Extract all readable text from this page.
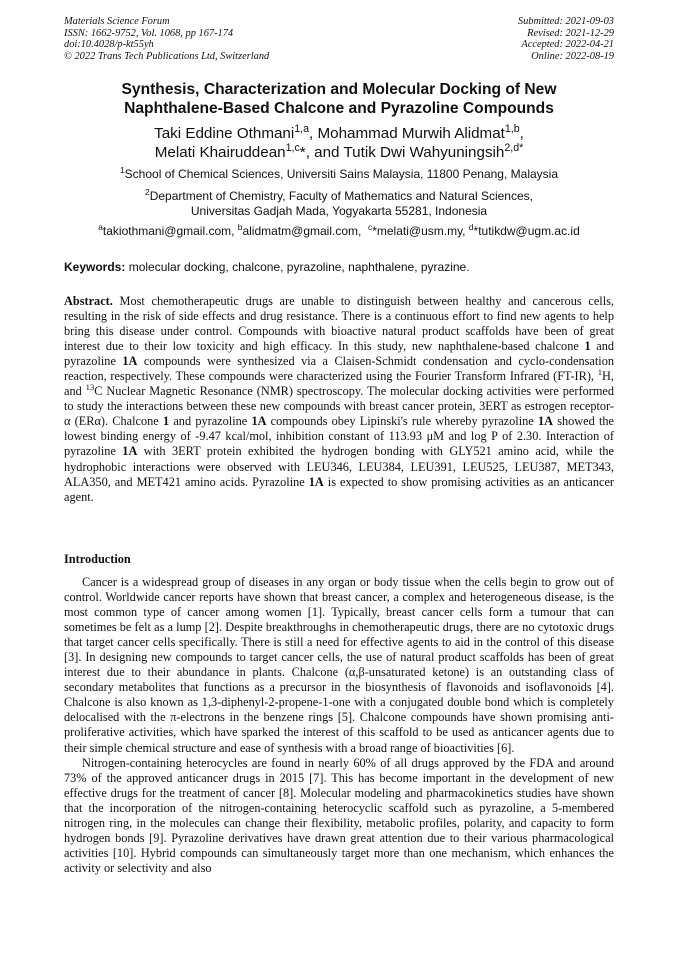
Materials Science Forum
ISSN: 1662-9752, Vol. 1068, pp 167-174
doi:10.4028/p-kt55yh
© 2022 Trans Tech Publications Ltd, Switzerland
Submitted: 2021-09-03
Revised: 2021-12-29
Accepted: 2022-04-21
Online: 2022-08-19
Synthesis, Characterization and Molecular Docking of New
Naphthalene-Based Chalcone and Pyrazoline Compounds
Taki Eddine Othmani$^{1,a}$, Mohammad Murwih Alidmat$^{1,b}$,
Melati Khairuddean$^{1,c}$*, and Tutik Dwi Wahyuningsih$^{2,d*}$
$^1$School of Chemical Sciences, Universiti Sains Malaysia, 11800 Penang, Malaysia
$^2$Department of Chemistry, Faculty of Mathematics and Natural Sciences,
Universitas Gadjah Mada, Yogyakarta 55281, Indonesia
$^a$takiothmani@gmail.com, $^b$alidmatm@gmail.com, $^c$*melati@usm.my, $^d$*tutikdw@ugm.ac.id
Keywords: molecular docking, chalcone, pyrazoline, naphthalene, pyrazine.
Abstract. Most chemotherapeutic drugs are unable to distinguish between healthy and cancerous cells, resulting in the risk of side effects and drug resistance. There is a continuous effort to find new agents to help bring this disease under control. Compounds with bioactive natural product scaffolds have been of great interest due to their low toxicity and high efficacy. In this study, new naphthalene-based chalcone 1 and pyrazoline 1A compounds were synthesized via a Claisen-Schmidt condensation and cyclo-condensation reaction, respectively. These compounds were characterized using the Fourier Transform Infrared (FT-IR), $^1$H, and $^{13}$C Nuclear Magnetic Resonance (NMR) spectroscopy. The molecular docking activities were performed to study the interactions between these new compounds with breast cancer protein, 3ERT as estrogen receptor-α (ERα). Chalcone 1 and pyrazoline 1A compounds obey Lipinski's rule whereby pyrazoline 1A showed the lowest binding energy of -9.47 kcal/mol, inhibition constant of 113.93 μM and log P of 2.30. Interaction of pyrazoline 1A with 3ERT protein exhibited the hydrogen bonding with GLY521 amino acid, while the hydrophobic interactions were observed with LEU346, LEU384, LEU391, LEU525, LEU387, MET343, ALA350, and MET421 amino acids. Pyrazoline 1A is expected to show promising activities as an anticancer agent.
Introduction

Cancer is a widespread group of diseases in any organ or body tissue when the cells begin to grow out of control. Worldwide cancer reports have shown that breast cancer, a complex and heterogeneous disease, is the most common type of cancer among women [1]. Typically, breast cancer cells form a tumour that can sometimes be felt as a lump [2]. Despite breakthroughs in chemotherapeutic drugs, there are no cytotoxic drugs that target cancer cells specifically. There is still a need for effective agents to aid in the control of this disease [3]. In designing new compounds to target cancer cells, the use of natural product scaffolds has been of great interest due to their abundance in plants. Chalcone (α,β-unsaturated ketone) is an outstanding class of secondary metabolites that functions as a precursor in the biosynthesis of flavonoids and isoflavonoids [4]. Chalcone is also known as 1,3-diphenyl-2-propene-1-one with a conjugated double bond which is completely delocalised with the π-electrons in the benzene rings [5]. Chalcone compounds have shown promising anti-proliferative activities, which have sparked the interest of this scaffold to be used as anticancer agents due to their simple chemical structure and ease of synthesis with a broad range of bioactivities [6].

Nitrogen-containing heterocycles are found in nearly 60% of all drugs approved by the FDA and around 73% of the approved anticancer drugs in 2015 [7]. This has become important in the development of new effective drugs for the treatment of cancer [8]. Molecular modeling and pharmacokinetics studies have shown that the incorporation of the nitrogen-containing heterocyclic scaffold such as pyrazoline, a 5-membered nitrogen ring, in the molecules can change their flexibility, metabolic profiles, polarity, and capacity to form hydrogen bonds [9]. Pyrazoline derivatives have drawn great attention due to their various pharmacological activities [10]. Hybrid compounds can simultaneously target more than one mechanism, which enhances the activity or selectivity and also
